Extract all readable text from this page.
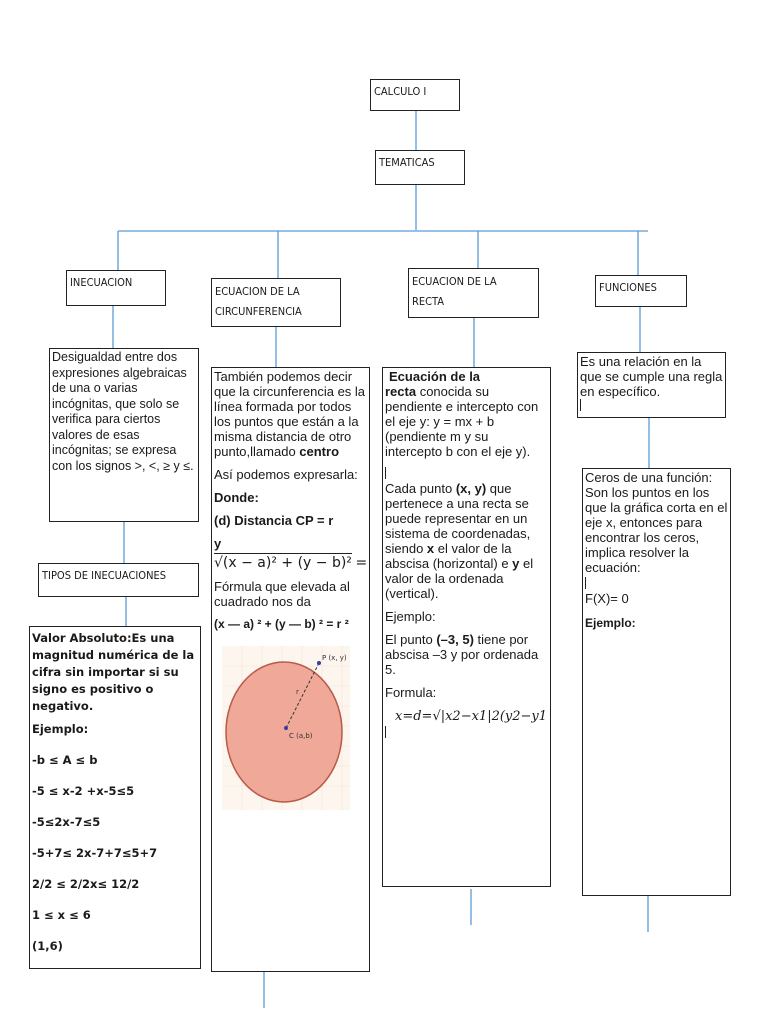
CALCULO I
TEMATICAS
INECUACION
ECUACION DE LA
CIRCUNFERENCIA
ECUACION DE LA
RECTA
FUNCIONES
Desigualdad entre dos expresiones algebraicas de una o varias incógnitas, que solo se verifica para ciertos valores de esas incógnitas; se expresa con los signos >, <, ≥ y ≤.
TIPOS DE INECUACIONES

Valor Absoluto:Es una magnitud numérica de la cifra sin importar si su signo es positivo o negativo.

Ejemplo:

-b ≤ A ≤ b

-5 ≤ x-2 +x-5≤5

-5≤2x-7≤5

-5+7≤ 2x-7+7≤5+7

2/2 ≤ 2/2x≤ 12/2

1 ≤ x ≤ 6

(1,6)

También podemos decir que la circunferencia es la línea formada por todos los puntos que están a la misma distancia de otro punto,llamado centro

Así podemos expresarla:

Donde:

(d) Distancia CP = r

y

√(x − a)² + (y − b)² =

Fórmula que elevada al cuadrado nos da

(x — a) ² + (y — b) ² = r ²

P (x, y)
r
C (a,b)

Ecuación de la
recta conocida su pendiente e intercepto con el eje y: y = mx + b (pendiente m y su intercepto b con el eje y).

Cada punto (x, y) que pertenece a una recta se puede representar en un sistema de coordenadas, siendo x el valor de la abscisa (horizontal) e y el valor de la ordenada (vertical).

Ejemplo:

El punto (–3, 5) tiene por abscisa –3 y por ordenada 5.

Formula:

x=d=√|x2−x1|2(y2−y1

Es una relación en la que se cumple una regla en específico.

Ceros de una función: Son los puntos en los que la gráfica corta en el eje x, entonces para encontrar los ceros, implica resolver la ecuación:

F(X)= 0

Ejemplo:
